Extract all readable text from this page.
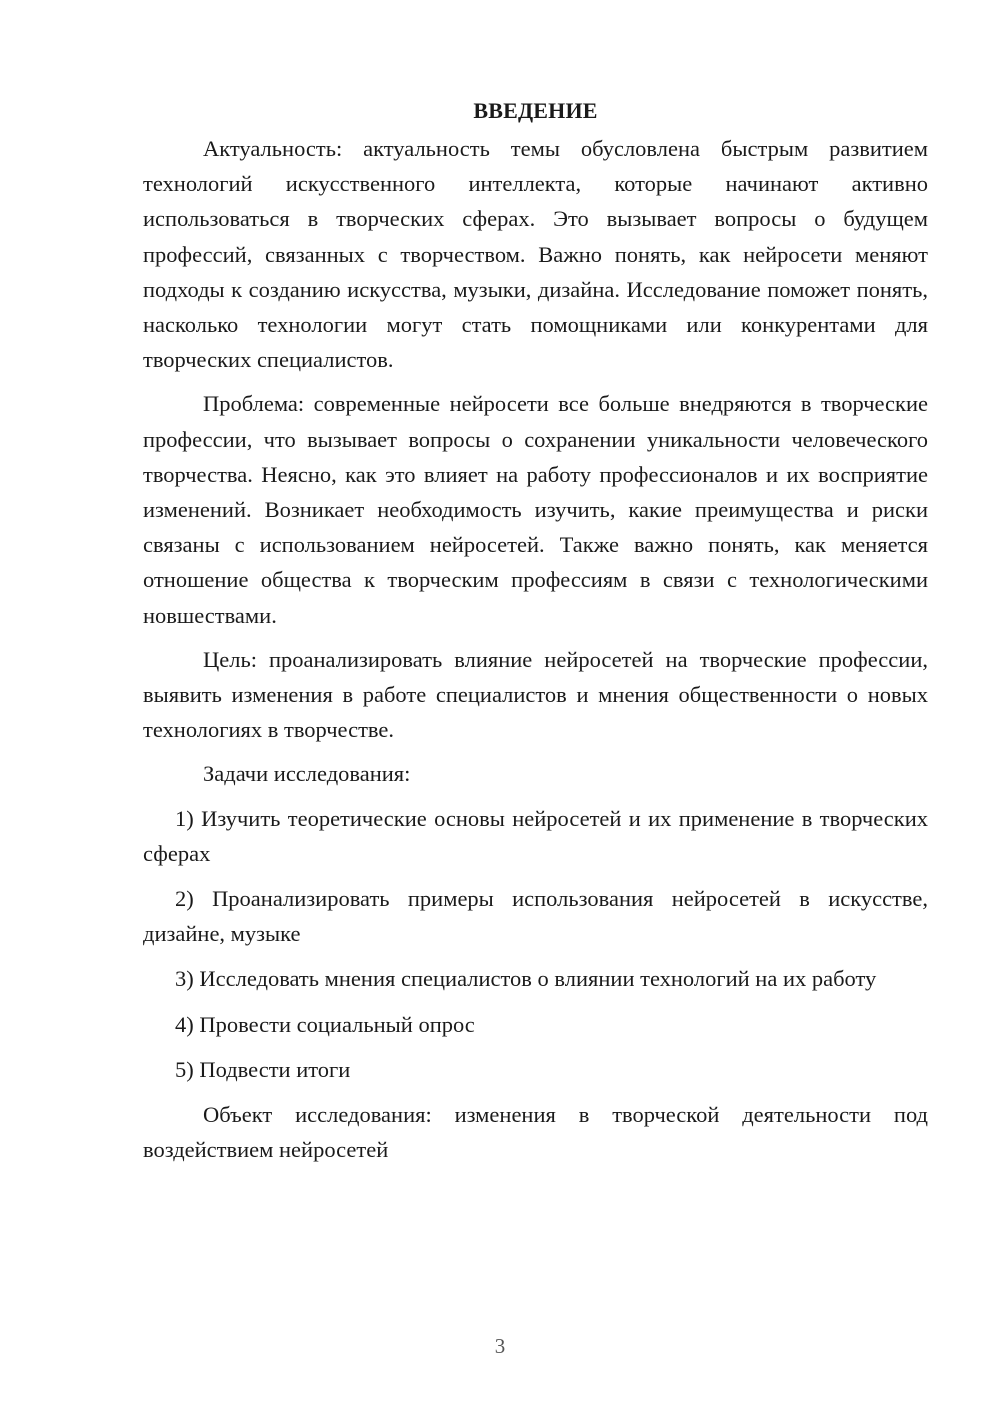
ВВЕДЕНИЕ

Актуальность: актуальность темы обусловлена быстрым развитием технологий искусственного интеллекта, которые начинают активно использоваться в творческих сферах. Это вызывает вопросы о будущем профессий, связанных с творчеством. Важно понять, как нейросети меняют подходы к созданию искусства, музыки, дизайна. Исследование поможет понять, насколько технологии могут стать помощниками или конкурентами для творческих специалистов.

Проблема: современные нейросети все больше внедряются в творческие профессии, что вызывает вопросы о сохранении уникальности человеческого творчества. Неясно, как это влияет на работу профессионалов и их восприятие изменений. Возникает необходимость изучить, какие преимущества и риски связаны с использованием нейросетей. Также важно понять, как меняется отношение общества к творческим профессиям в связи с технологическими новшествами.

Цель: проанализировать влияние нейросетей на творческие профессии, выявить изменения в работе специалистов и мнения общественности о новых технологиях в творчестве.

Задачи исследования:

1) Изучить теоретические основы нейросетей и их применение в творческих сферах

2) Проанализировать примеры использования нейросетей в искусстве, дизайне, музыке

3) Исследовать мнения специалистов о влиянии технологий на их работу

4) Провести социальный опрос

5) Подвести итоги

Объект исследования: изменения в творческой деятельности под воздействием нейросетей

3
